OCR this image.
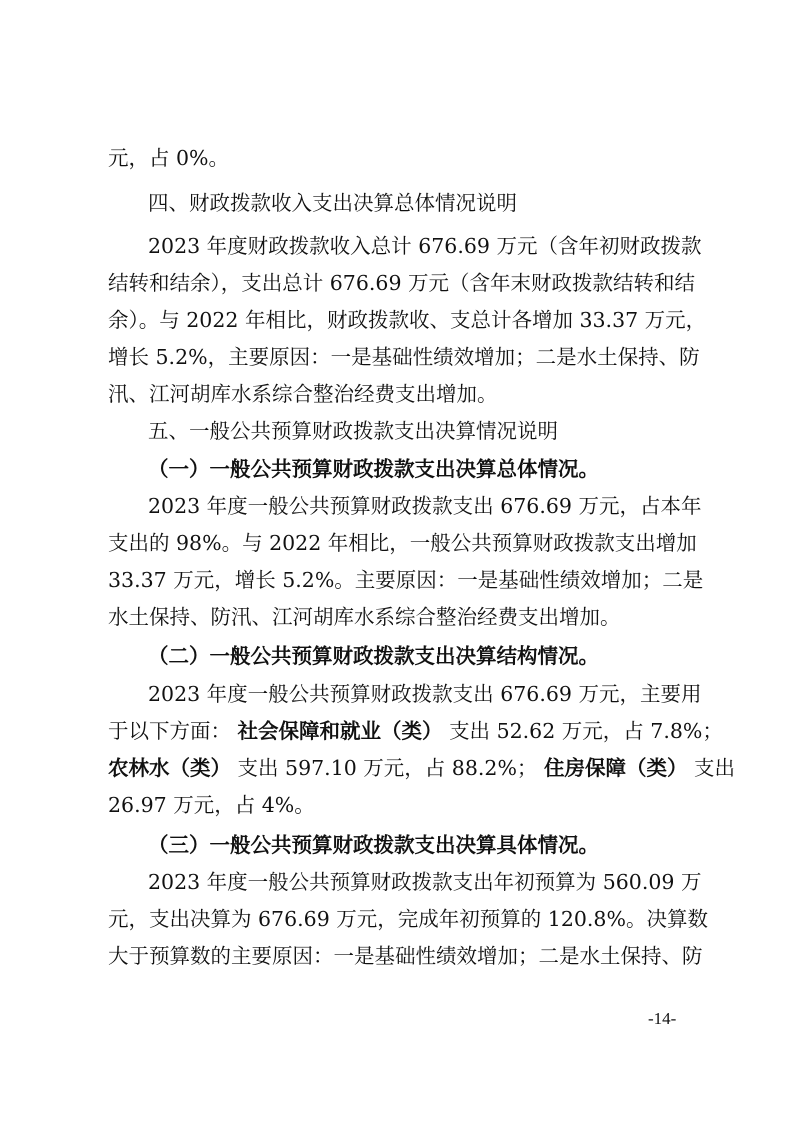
元，占 0%。
四、财政拨款收入支出决算总体情况说明
2023 年度财政拨款收入总计 676.69 万元（含年初财政拨款
结转和结余），支出总计 676.69 万元（含年末财政拨款结转和结
余）。与 2022 年相比，财政拨款收、支总计各增加 33.37 万元，
增长 5.2%，主要原因：一是基础性绩效增加；二是水土保持、防
汛、江河胡库水系综合整治经费支出增加。
五、一般公共预算财政拨款支出决算情况说明
（一）一般公共预算财政拨款支出决算总体情况。
2023 年度一般公共预算财政拨款支出 676.69 万元，占本年
支出的 98%。与 2022 年相比，一般公共预算财政拨款支出增加
33.37 万元，增长 5.2%。主要原因：一是基础性绩效增加；二是
水土保持、防汛、江河胡库水系综合整治经费支出增加。
（二）一般公共预算财政拨款支出决算结构情况。
2023 年度一般公共预算财政拨款支出 676.69 万元，主要用
于以下方面： 社会保障和就业（类） 支出 52.62 万元，占 7.8%；
农林水（类） 支出 597.10 万元，占 88.2%； 住房保障（类） 支出
26.97 万元，占 4%。
（三）一般公共预算财政拨款支出决算具体情况。
2023 年度一般公共预算财政拨款支出年初预算为 560.09 万
元，支出决算为 676.69 万元，完成年初预算的 120.8%。决算数
大于预算数的主要原因：一是基础性绩效增加；二是水土保持、防
-14-
